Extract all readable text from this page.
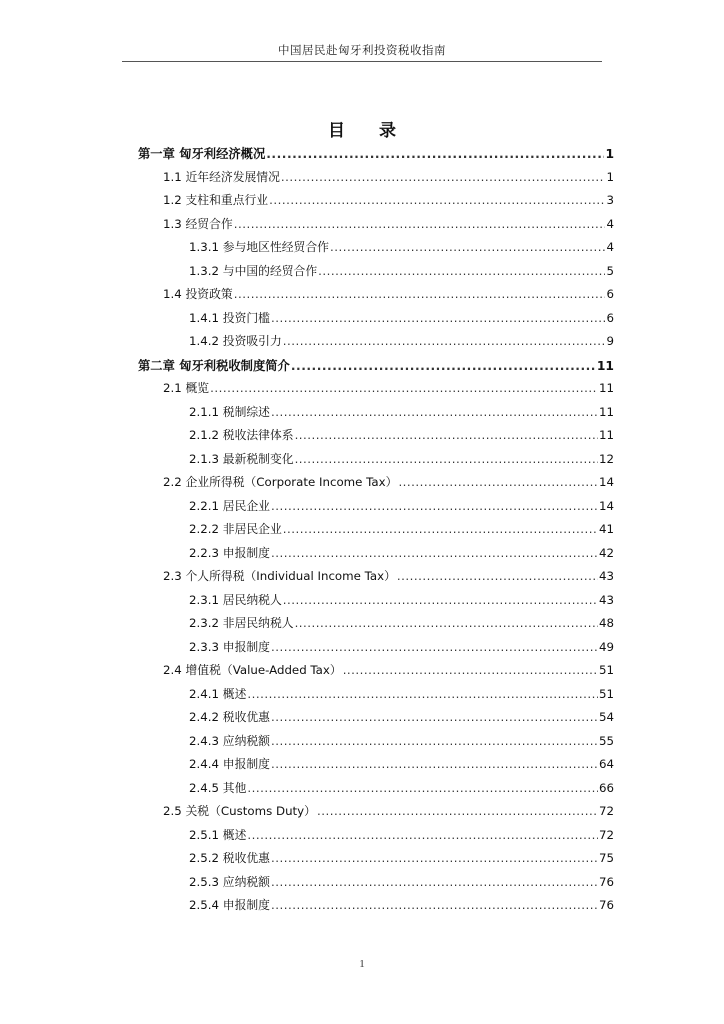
中国居民赴匈牙利投资税收指南
目 录
第一章 匈牙利经济概况 .....	1
1.1 近年经济发展情况 .....	1
1.2 支柱和重点行业 .....	3
1.3 经贸合作 .....	4
1.3.1 参与地区性经贸合作 .....	4
1.3.2 与中国的经贸合作 .....	5
1.4 投资政策 .....	6
1.4.1 投资门槛 .....	6
1.4.2 投资吸引力 .....	9
第二章 匈牙利税收制度简介 .....	11
2.1 概览 .....	11
2.1.1 税制综述 .....	11
2.1.2 税收法律体系 .....	11
2.1.3 最新税制变化 .....	12
2.2 企业所得税（Corporate Income Tax） .....	14
2.2.1 居民企业 .....	14
2.2.2 非居民企业 .....	41
2.2.3 申报制度 .....	42
2.3 个人所得税（Individual Income Tax） .....	43
2.3.1 居民纳税人 .....	43
2.3.2 非居民纳税人 .....	48
2.3.3 申报制度 .....	49
2.4 增值税（Value-Added Tax） .....	51
2.4.1 概述 .....	51
2.4.2 税收优惠 .....	54
2.4.3 应纳税额 .....	55
2.4.4 申报制度 .....	64
2.4.5 其他 .....	66
2.5 关税（Customs Duty） .....	72
2.5.1 概述 .....	72
2.5.2 税收优惠 .....	75
2.5.3 应纳税额 .....	76
2.5.4 申报制度 .....	76
1
